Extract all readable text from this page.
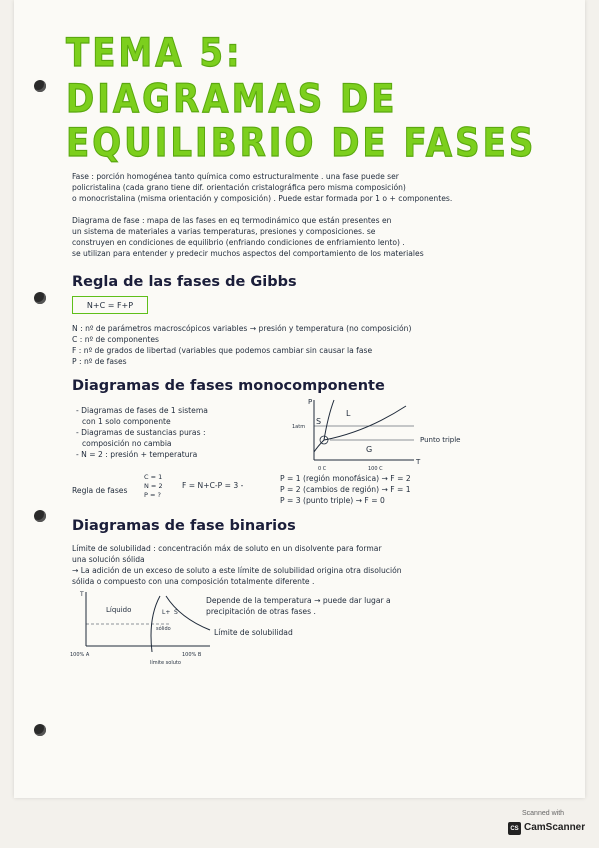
TEMA 5:
DIAGRAMAS DE
EQUILIBRIO DE FASES
Fase : porción homogénea tanto química como estructuralmente . una fase puede ser
policristalina (cada grano tiene dif. orientación cristalográfica pero misma composición)
o monocristalina (misma orientación y composición) . Puede estar formada por 1 o + componentes.
Diagrama de fase : mapa de las fases en eq termodinámico que están presentes en
un sistema de materiales a varias temperaturas, presiones y composiciones. se
construyen en condiciones de equilibrio (enfriando condiciones de enfriamiento lento) .
se utilizan para entender y predecir muchos aspectos del comportamiento de los materiales
Regla de las fases de Gibbs
N+C = F+P
N : nº de parámetros macroscópicos variables → presión y temperatura (no composición)
C : nº de componentes
F : nº de grados de libertad (variables que podemos cambiar sin causar la fase
P : nº de fases
Diagramas de fases monocomponente
- Diagramas de fases de 1 sistema
con 1 solo componente
- Diagramas de sustancias puras :
composición no cambia
- N = 2 : presión + temperatura
P
T
S
L
G
1atm
0 C	100 C
Punto triple
Regla de fases
C = 1
N = 2
P = ?
F = N+C-P = 3 -
P = 1 (región monofásica) → F = 2
P = 2 (cambios de región) → F = 1
P = 3 (punto triple) → F = 0
Diagramas de fase binarios
Límite de solubilidad : concentración máx de soluto en un disolvente para formar
una solución sólida
→ La adición de un exceso de soluto a este límite de solubilidad origina otra disolución
sólida o compuesto con una composición totalmente diferente .
T
Líquido	L+ S
sólido
100% A	100% B
límite soluto
Depende de la temperatura → puede dar lugar a
precipitación de otras fases .
Límite de solubilidad
Scanned with
CS CamScanner
